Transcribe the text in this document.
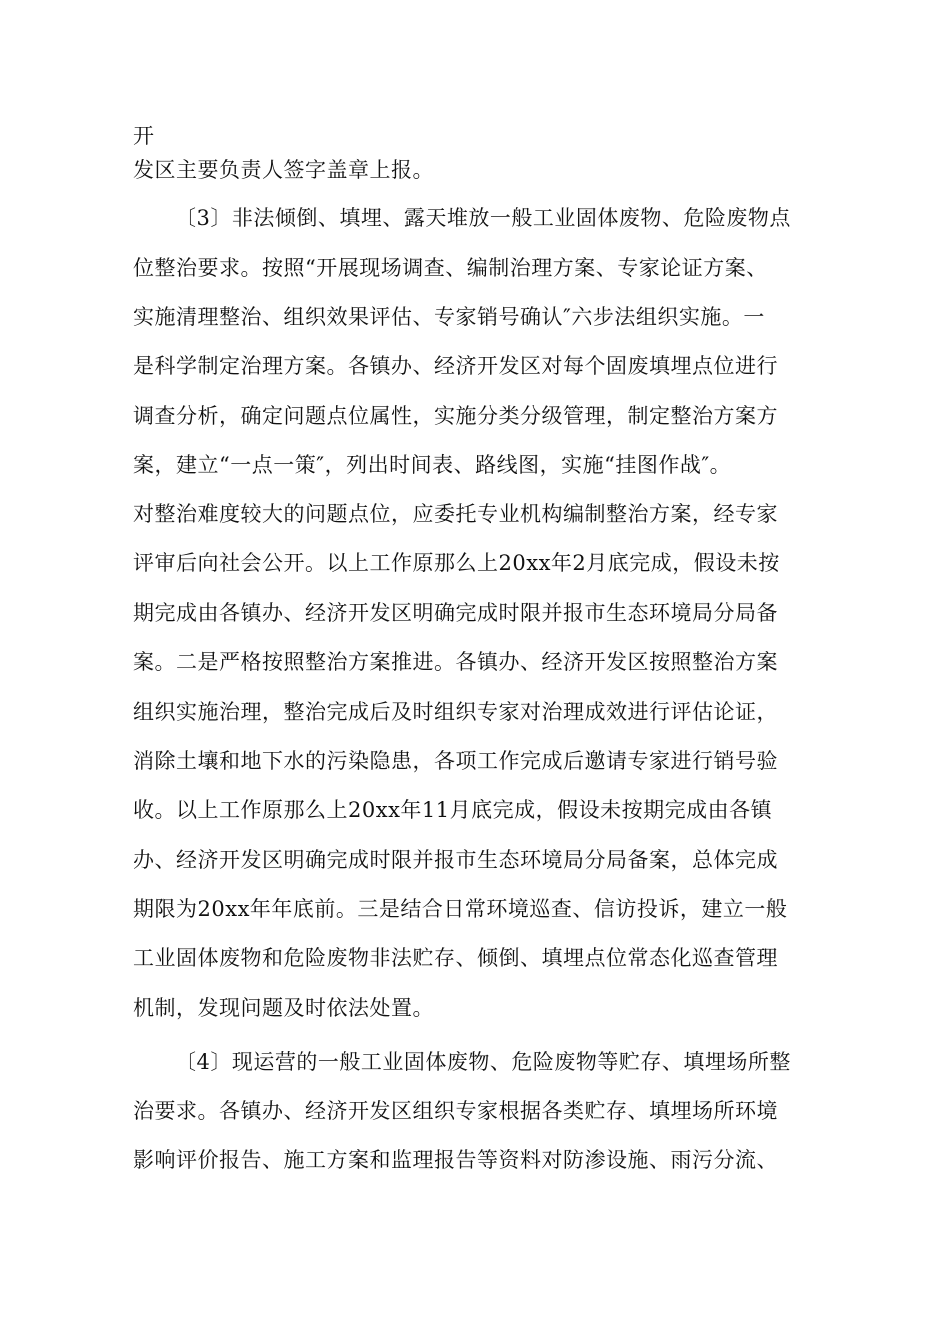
开
发区主要负责人签字盖章上报。
〔3〕非法倾倒、填埋、露天堆放一般工业固体废物、危险废物点
位整治要求。按照“开展现场调查、编制治理方案、专家论证方案、
实施清理整治、组织效果评估、专家销号确认″六步法组织实施。一
是科学制定治理方案。各镇办、经济开发区对每个固废填埋点位进行
调查分析，确定问题点位属性，实施分类分级管理，制定整治方案方
案，建立“一点一策″，列出时间表、路线图，实施“挂图作战″。
对整治难度较大的问题点位，应委托专业机构编制整治方案，经专家
评审后向社会公开。以上工作原那么上20xx年2月底完成，假设未按
期完成由各镇办、经济开发区明确完成时限并报市生态环境局分局备
案。二是严格按照整治方案推进。各镇办、经济开发区按照整治方案
组织实施治理，整治完成后及时组织专家对治理成效进行评估论证，
消除土壤和地下水的污染隐患，各项工作完成后邀请专家进行销号验
收。以上工作原那么上20xx年11月底完成，假设未按期完成由各镇
办、经济开发区明确完成时限并报市生态环境局分局备案，总体完成
期限为20xx年年底前。三是结合日常环境巡查、信访投诉，建立一般
工业固体废物和危险废物非法贮存、倾倒、填埋点位常态化巡查管理
机制，发现问题及时依法处置。
〔4〕现运营的一般工业固体废物、危险废物等贮存、填埋场所整
治要求。各镇办、经济开发区组织专家根据各类贮存、填埋场所环境
影响评价报告、施工方案和监理报告等资料对防渗设施、雨污分流、
